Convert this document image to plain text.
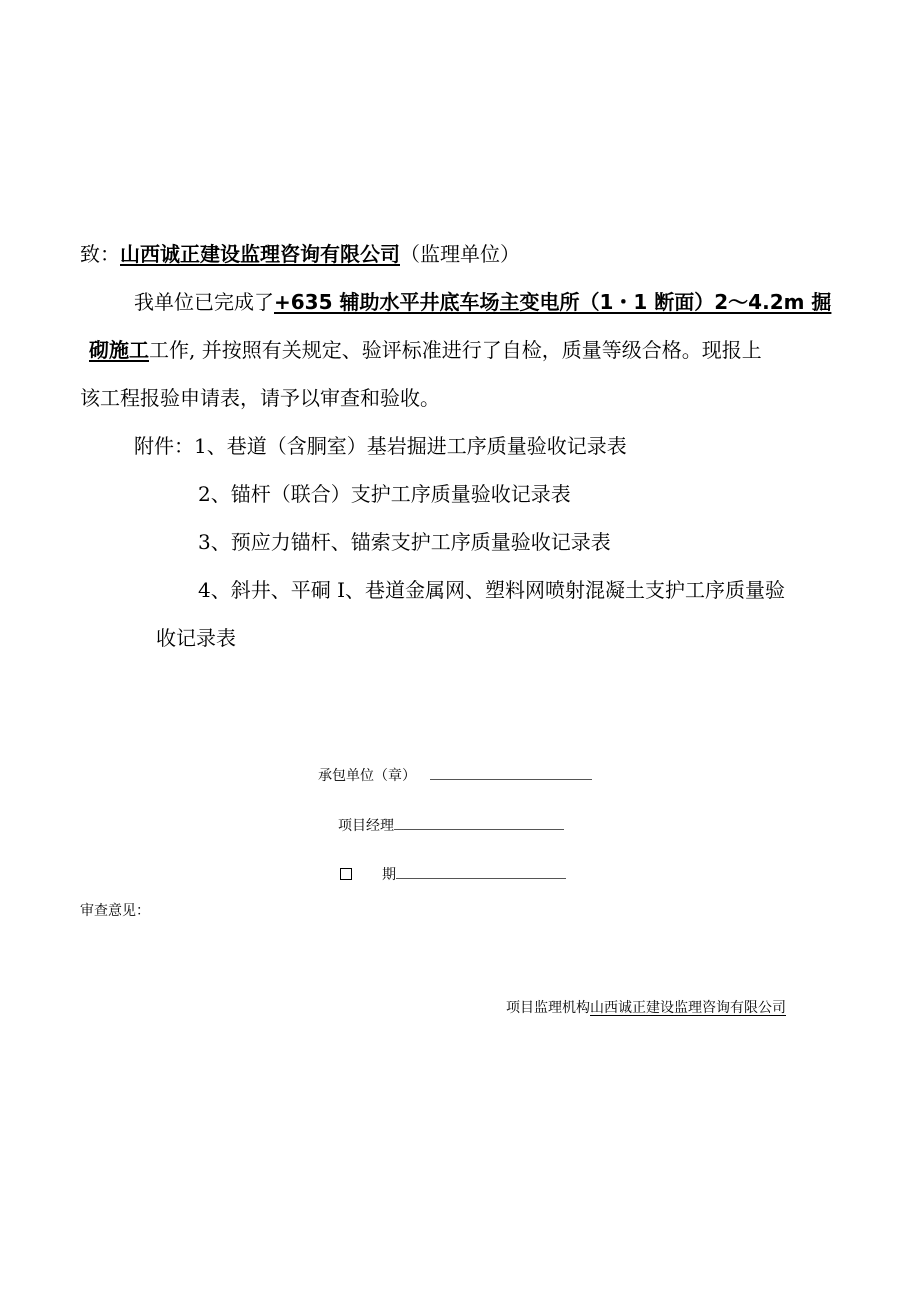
致：山西诚正建设监理咨询有限公司（监理单位）
我单位已完成了+635 辅助水平井底车场主变电所（1・1 断面）2～4.2m 掘
砌施工工作, 并按照有关规定、验评标准进行了自检，质量等级合格。现报上
该工程报验申请表，请予以审查和验收。
附件：1、巷道（含胴室）基岩掘进工序质量验收记录表
2、锚杆（联合）支护工序质量验收记录表
3、预应力锚杆、锚索支护工序质量验收记录表
4、斜井、平硐 I、巷道金属网、塑料网喷射混凝土支护工序质量验
收记录表
承包单位（章）
项目经理
期
审查意见：
项目监理机构山西诚正建设监理咨询有限公司
